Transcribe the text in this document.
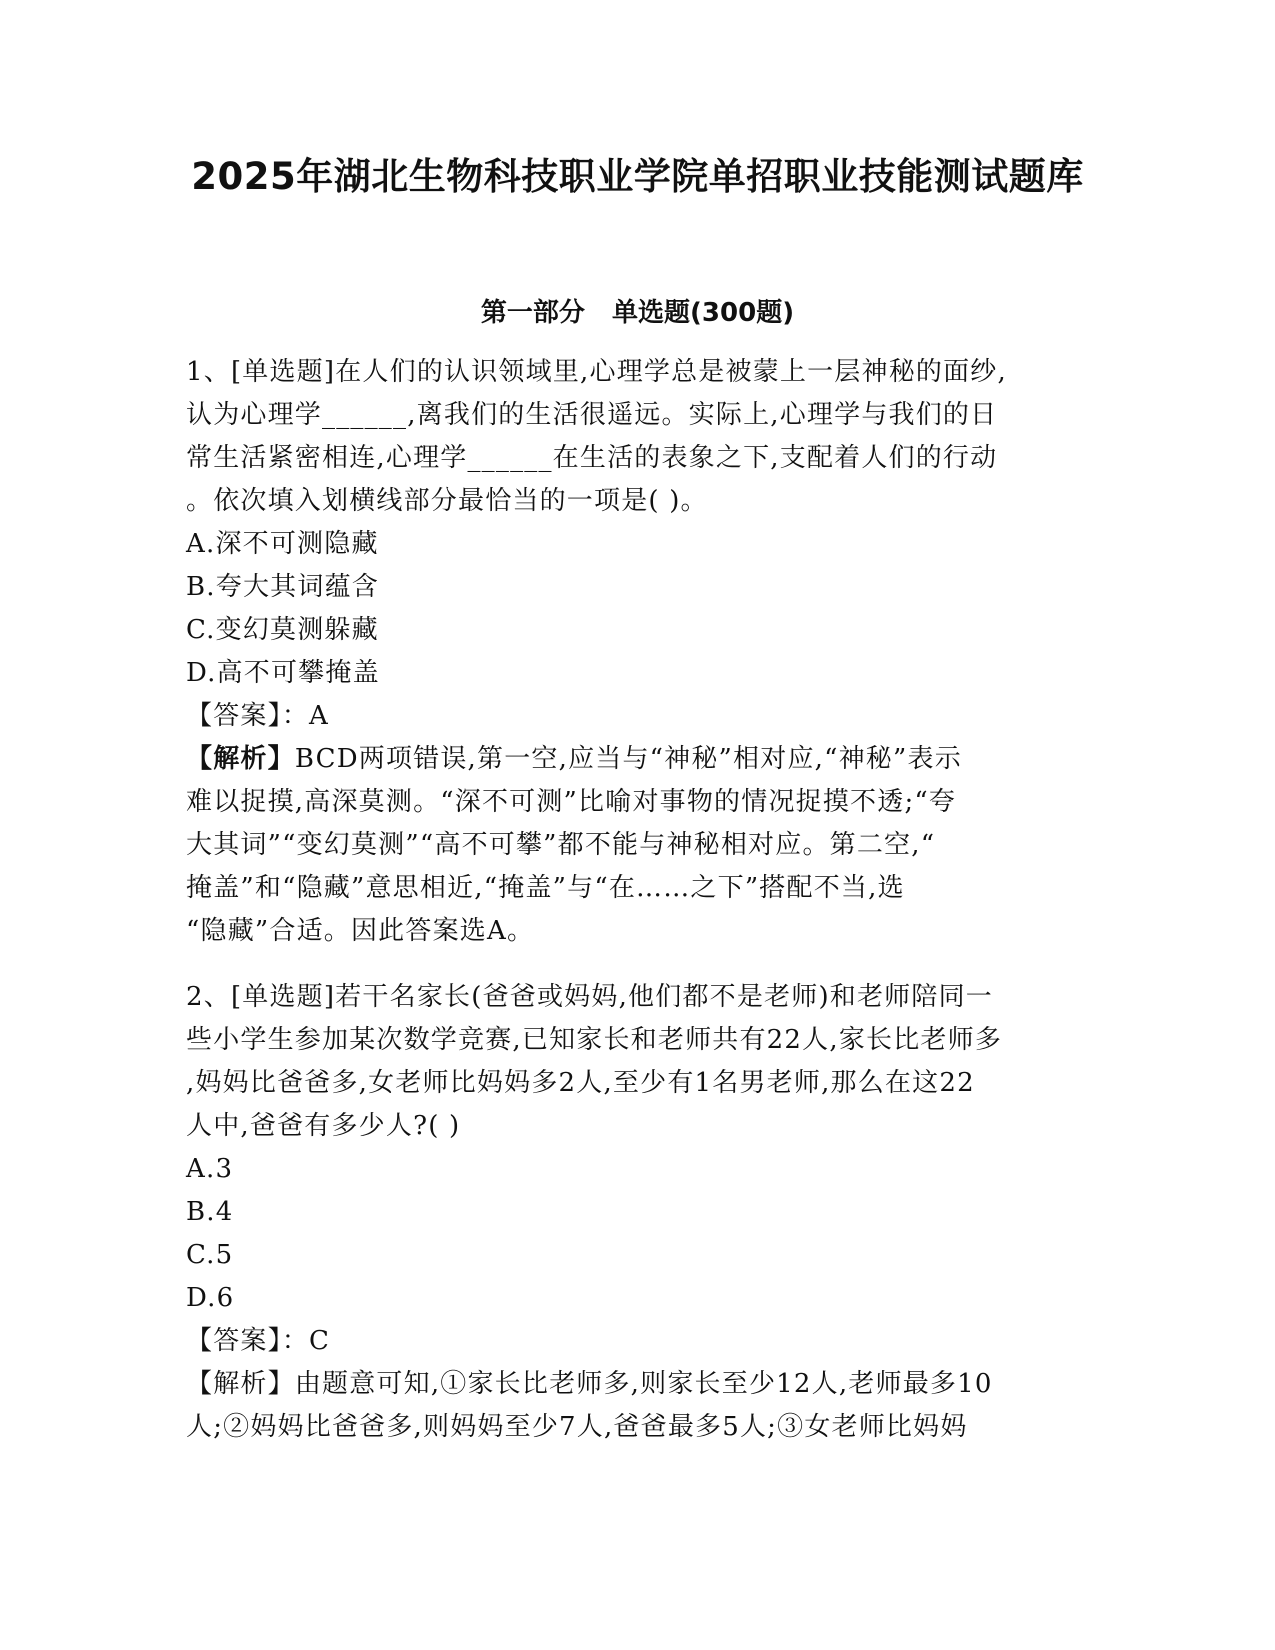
2025年湖北生物科技职业学院单招职业技能测试题库
第一部分   单选题(300题)
1、[单选题]在人们的认识领域里,心理学总是被蒙上一层神秘的面纱,
认为心理学______,离我们的生活很遥远。实际上,心理学与我们的日
常生活紧密相连,心理学______在生活的表象之下,支配着人们的行动
。依次填入划横线部分最恰当的一项是( )。
A.深不可测隐藏
B.夸大其词蕴含
C.变幻莫测躲藏
D.高不可攀掩盖
【答案】：A
【解析】BCD两项错误,第一空,应当与“神秘”相对应,“神秘”表示
难以捉摸,高深莫测。“深不可测”比喻对事物的情况捉摸不透;“夸
大其词”“变幻莫测”“高不可攀”都不能与神秘相对应。第二空,“
掩盖”和“隐藏”意思相近,“掩盖”与“在……之下”搭配不当,选
“隐藏”合适。因此答案选A。
2、[单选题]若干名家长(爸爸或妈妈,他们都不是老师)和老师陪同一
些小学生参加某次数学竞赛,已知家长和老师共有22人,家长比老师多
,妈妈比爸爸多,女老师比妈妈多2人,至少有1名男老师,那么在这22
人中,爸爸有多少人?( )
A.3
B.4
C.5
D.6
【答案】：C
【解析】由题意可知,①家长比老师多,则家长至少12人,老师最多10
人;②妈妈比爸爸多,则妈妈至少7人,爸爸最多5人;③女老师比妈妈
